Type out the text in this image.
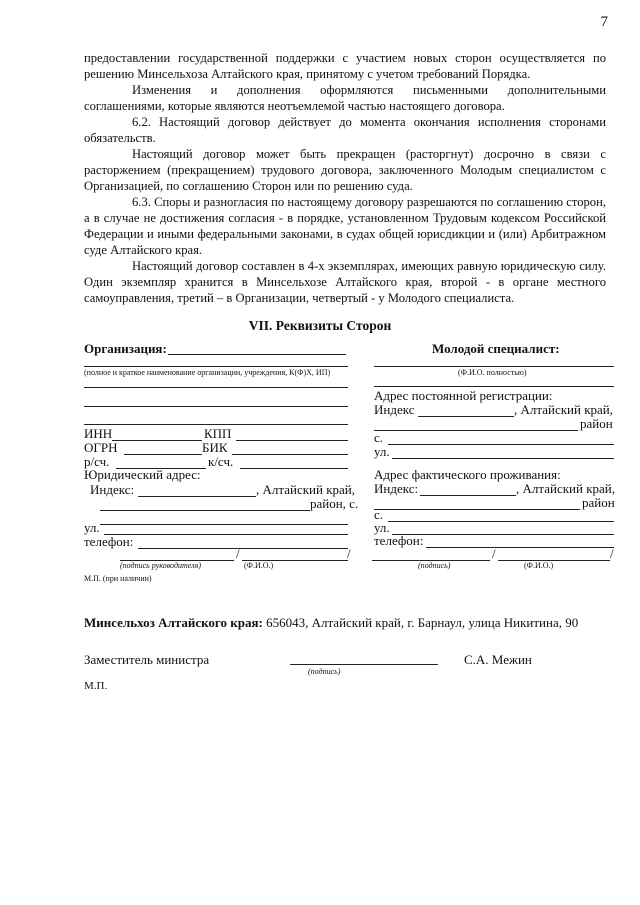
7

предоставлении государственной поддержки с участием новых сторон осуществляется по решению Минсельхоза Алтайского края, принятому с учетом требований Порядка.

Изменения и дополнения оформляются письменными дополнительными соглашениями, которые являются неотъемлемой частью настоящего договора.

6.2. Настоящий договор действует до момента окончания исполнения сторонами обязательств.

Настоящий договор может быть прекращен (расторгнут) досрочно в связи с расторжением (прекращением) трудового договора, заключенного Молодым специалистом с Организацией, по соглашению Сторон или по решению суда.

6.3. Споры и разногласия по настоящему договору разрешаются по соглашению сторон, а в случае не достижения согласия - в порядке, установленном Трудовым кодексом Российской Федерации и иными федеральными законами, в судах общей юрисдикции и (или) Арбитражном суде Алтайского края.

Настоящий договор составлен в 4-х экземплярах, имеющих равную юридическую силу. Один экземпляр хранится в Минсельхозе Алтайского края, второй - в органе местного самоуправления, третий – в Организации, четвертый - у Молодого специалиста.

VII. Реквизиты Сторон
Организация:
(полное и краткое наименование организации, учреждения, К(Ф)Х, ИП)
ИНН	КПП
ОГРН	БИК
р/сч.	к/сч.
Юридический адрес:
Индекс:	, Алтайский край,
район, с.
ул.
телефон:
/	/
(подпись руководителя)	(Ф.И.О.)
М.П. (при наличии)
Молодой специалист:
(Ф.И.О. полностью)
Адрес постоянной регистрации:
Индекс	, Алтайский край,
район
с.
ул.
Адрес фактического проживания:
Индекс:	, Алтайский край,
район
с.
ул.
телефон:
/	/
(подпись)	(Ф.И.О.)
Минсельхоз Алтайского края: 656043, Алтайский край, г. Барнаул, улица Никитина, 90
Заместитель министра
(подпись)
С.А. Межин
М.П.
